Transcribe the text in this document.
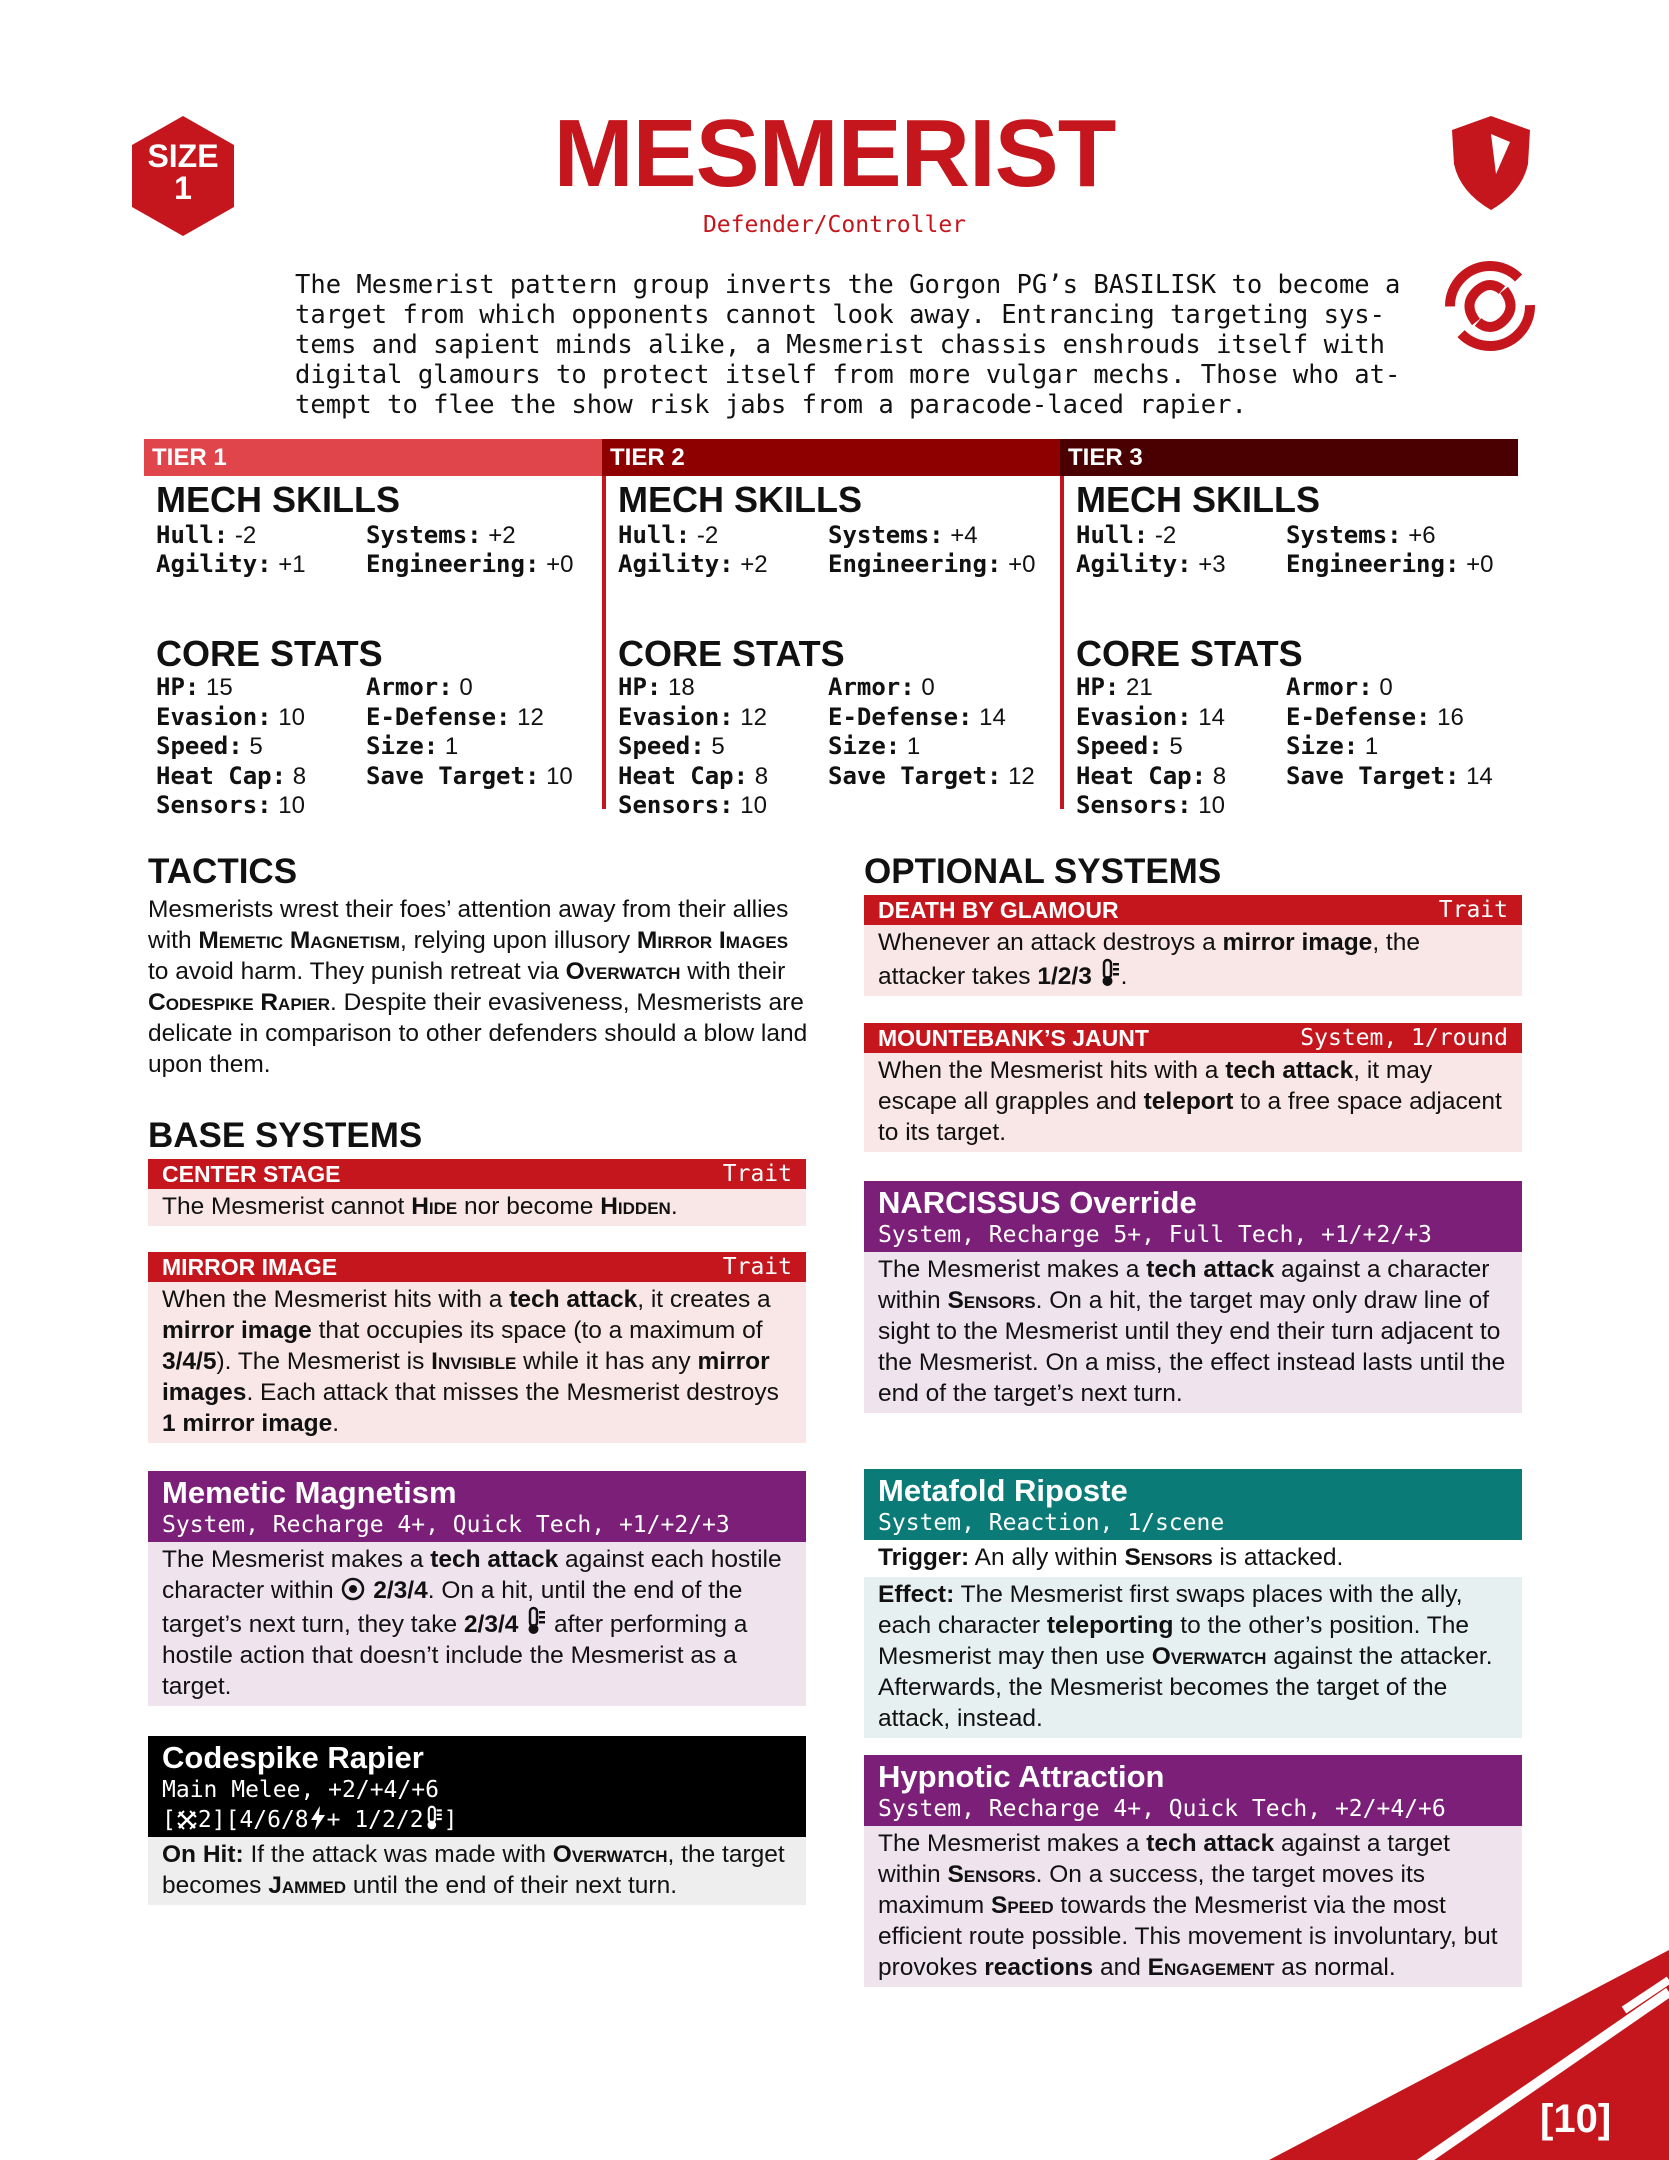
SIZE
1	MESMERIST
Defender/Controller
The Mesmerist pattern group inverts the Gorgon PG’s BASILISK to become a
target from which opponents cannot look away. Entrancing targeting sys-
tems and sapient minds alike, a Mesmerist chassis enshrouds itself with
digital glamours to protect itself from more vulgar mechs. Those who at-
tempt to flee the show risk jabs from a paracode-laced rapier.
TIER 1
MECH SKILLS
Hull: -2	Systems: +2
Agility: +1	Engineering: +0
CORE STATS
HP: 15	Armor: 0
Evasion: 10	E-Defense: 12
Speed: 5	Size: 1
Heat Cap: 8 Save Target: 10
Sensors: 10
TIER 2
MECH SKILLS
Hull: -2	Systems: +4
Agility: +2	Engineering: +0
CORE STATS
HP: 18	Armor: 0
Evasion: 12	E-Defense: 14
Speed: 5	Size: 1
Heat Cap: 8 Save Target: 12
Sensors: 10
TIER 3
MECH SKILLS
Hull: -2	Systems: +6
Agility: +3	Engineering: +0
CORE STATS
HP: 21	Armor: 0
Evasion: 14	E-Defense: 16
Speed: 5	Size: 1
Heat Cap: 8 Save Target: 14
Sensors: 10
TACTICS
Mesmerists wrest their foes’ attention away from their allies with Memetic Magnetism, relying upon illusory Mirror Images to avoid harm. They punish retreat via Overwatch with their Codespike Rapier. Despite their evasiveness, Mesmerists are delicate in comparison to other defenders should a blow land upon them.
BASE SYSTEMS
CENTER STAGE	Trait
The Mesmerist cannot Hide nor become Hidden.
MIRROR IMAGE	Trait
When the Mesmerist hits with a tech attack, it creates a mirror image that occupies its space (to a maximum of 3/4/5). The Mesmerist is Invisible while it has any mirror images. Each attack that misses the Mesmerist destroys 1 mirror image.
Memetic Magnetism
System, Recharge 4+, Quick Tech, +1/+2/+3
The Mesmerist makes a tech attack against each hostile character within  2/3/4. On a hit, until the end of the target’s next turn, they take 2/3/4  after performing a hostile action that doesn’t include the Mesmerist as a target.
Codespike Rapier
Main Melee, +2/+4/+6
[ 2][4/6/8 + 1/2/2 ]
On Hit: If the attack was made with Overwatch, the target becomes Jammed until the end of their next turn.
OPTIONAL SYSTEMS
DEATH BY GLAMOUR	Trait
Whenever an attack destroys a mirror image, the attacker takes 1/2/3 .
MOUNTEBANK’S JAUNT	System, 1/round
When the Mesmerist hits with a tech attack, it may escape all grapples and teleport to a free space adjacent to its target.
NARCISSUS Override
System, Recharge 5+, Full Tech, +1/+2/+3
The Mesmerist makes a tech attack against a character within Sensors. On a hit, the target may only draw line of sight to the Mesmerist until they end their turn adjacent to the Mesmerist. On a miss, the effect instead lasts until the end of the target’s next turn.
Metafold Riposte
System, Reaction, 1/scene
Trigger: An ally within Sensors is attacked.
Effect: The Mesmerist first swaps places with the ally, each character teleporting to the other’s position. The Mesmerist may then use Overwatch against the attacker. Afterwards, the Mesmerist becomes the target of the attack, instead.
Hypnotic Attraction
System, Recharge 4+, Quick Tech, +2/+4/+6
The Mesmerist makes a tech attack against a target within Sensors. On a success, the target moves its maximum Speed towards the Mesmerist via the most efficient route possible. This movement is involuntary, but provokes reactions and Engagement as normal.
[10]
